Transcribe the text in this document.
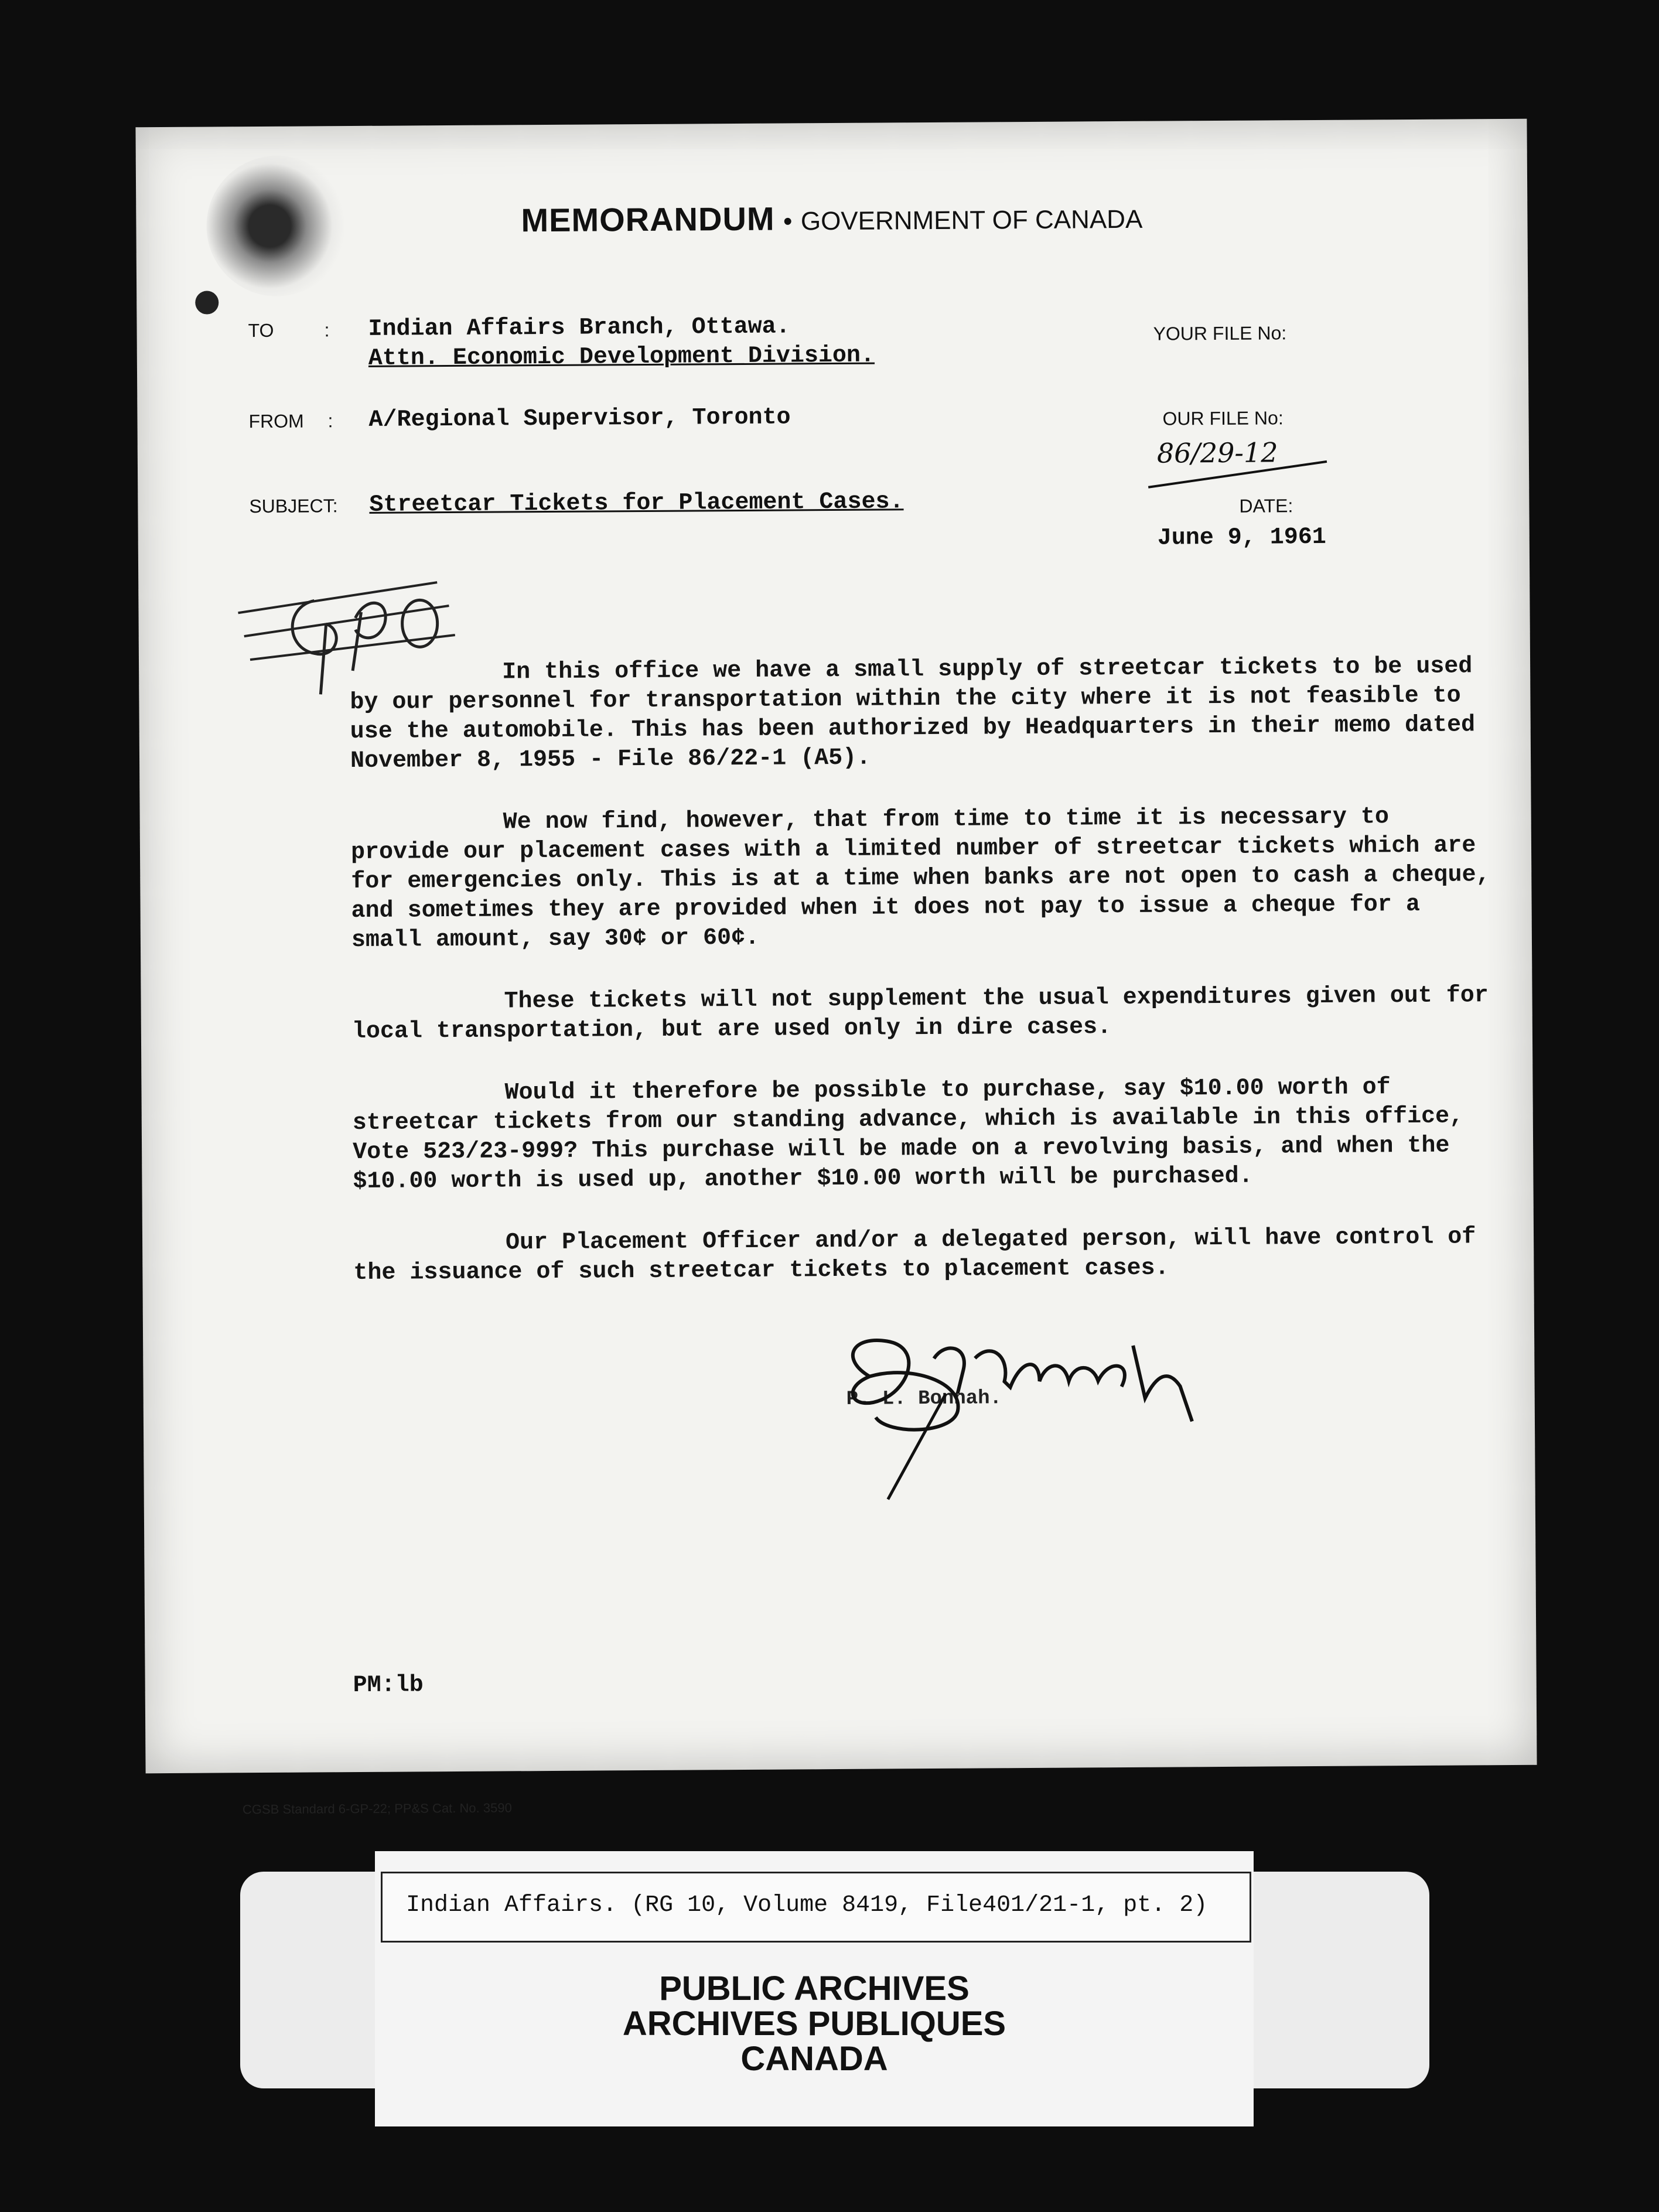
MEMORANDUM • GOVERNMENT OF CANADA
TO	: Indian Affairs Branch, Ottawa.
Attn. Economic Development Division.
FROM : A/Regional Supervisor, Toronto
SUBJECT: Streetcar Tickets for Placement Cases.
YOUR FILE No:
OUR FILE No:
86/29-12
DATE:
June 9, 1961

In this office we have a small supply of streetcar tickets to be used by our personnel for transportation within the city where it is not feasible to use the automobile. This has been authorized by Headquarters in their memo dated November 8, 1955 - File 86/22-1 (A5).

We now find, however, that from time to time it is necessary to provide our placement cases with a limited number of streetcar tickets which are for emergencies only. This is at a time when banks are not open to cash a cheque, and sometimes they are provided when it does not pay to issue a cheque for a small amount, say 30¢ or 60¢.

These tickets will not supplement the usual expenditures given out for local transportation, but are used only in dire cases.

Would it therefore be possible to purchase, say $10.00 worth of streetcar tickets from our standing advance, which is available in this office, Vote 523/23-999? This purchase will be made on a revolving basis, and when the $10.00 worth is used up, another $10.00 worth will be purchased.

Our Placement Officer and/or a delegated person, will have control of the issuance of such streetcar tickets to placement cases.

P. L. Bonnah.
PM:lb
CGSB Standard 6-GP-22; PP&S Cat. No. 3590
Indian Affairs. (RG 10, Volume 8419, File401/21-1, pt. 2)
PUBLIC ARCHIVES
ARCHIVES PUBLIQUES
CANADA
